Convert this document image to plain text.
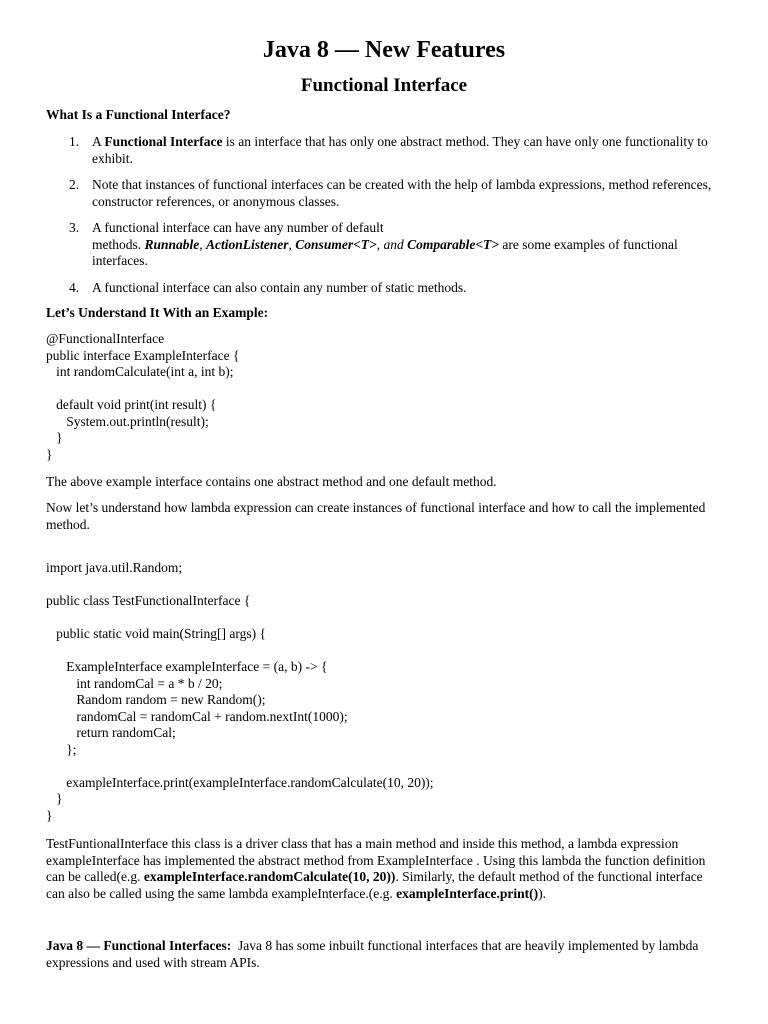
Java 8 — New Features
Functional Interface
What Is a Functional Interface?
1. A Functional Interface is an interface that has only one abstract method. They can have only one functionality to exhibit.
2. Note that instances of functional interfaces can be created with the help of lambda expressions, method references, constructor references, or anonymous classes.
3. A functional interface can have any number of default
methods. Runnable, ActionListener, Consumer<T>, and Comparable<T> are some examples of functional interfaces.
4. A functional interface can also contain any number of static methods.
Let’s Understand It With an Example:
@FunctionalInterface
public interface ExampleInterface {
int randomCalculate(int a, int b);

default void print(int result) {
System.out.println(result);
}
}
The above example interface contains one abstract method and one default method.
Now let’s understand how lambda expression can create instances of functional interface and how to call the implemented method.
import java.util.Random;

public class TestFunctionalInterface {

public static void main(String[] args) {

ExampleInterface exampleInterface = (a, b) -> {
int randomCal = a * b / 20;
Random random = new Random();
randomCal = randomCal + random.nextInt(1000);
return randomCal;
};

exampleInterface.print(exampleInterface.randomCalculate(10, 20));
}
}
TestFuntionalInterface this class is a driver class that has a main method and inside this method, a lambda expression exampleInterface has implemented the abstract method from ExampleInterface . Using this lambda the function definition can be called(e.g. exampleInterface.randomCalculate(10, 20)). Similarly, the default method of the functional interface can also be called using the same lambda exampleInterface.(e.g. exampleInterface.print()).
Java 8 — Functional Interfaces:  Java 8 has some inbuilt functional interfaces that are heavily implemented by lambda expressions and used with stream APIs.
